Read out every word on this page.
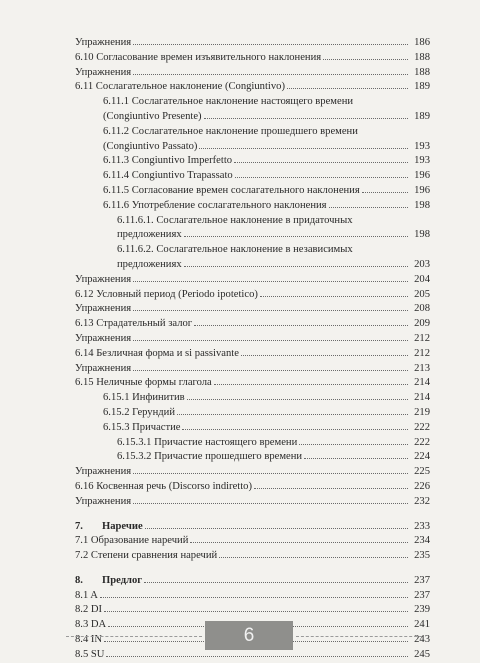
Упражнения	186
6.10 Согласование времен изъявительного наклонения	188
Упражнения	188
6.11 Сослагательное наклонение (Congiuntivo)	189
6.11.1 Сослагательное наклонение настоящего времени
(Congiuntivo Presente)	189
6.11.2 Сослагательное наклонение прошедшего времени
(Congiuntivo Passato)	193
6.11.3 Congiuntivo Imperfetto	193
6.11.4 Congiuntivo Trapassato	196
6.11.5 Согласование времен сослагательного наклонения	196
6.11.6 Употребление сослагательного наклонения	198
6.11.6.1. Сослагательное наклонение в придаточных
предложениях	198
6.11.6.2. Сослагательное наклонение в независимых
предложениях	203
Упражнения	204
6.12 Условный период (Periodo ipotetico)	205
Упражнения	208
6.13 Страдательный залог	209
Упражнения	212
6.14 Безличная форма и si passivante	212
Упражнения	213
6.15 Неличные формы глагола	214
6.15.1 Инфинитив	214
6.15.2 Герундий	219
6.15.3 Причастие	222
6.15.3.1 Причастие настоящего времени	222
6.15.3.2 Причастие прошедшего времени	224
Упражнения	225
6.16 Косвенная речь (Discorso indiretto)	226
Упражнения	232
7. Наречие	233
7.1 Образование наречий	234
7.2 Степени сравнения наречий	235
8. Предлог	237
8.1 A	237
8.2 DI	239
8.3 DA	241
8.4 IN	243
8.5 SU	245
6
